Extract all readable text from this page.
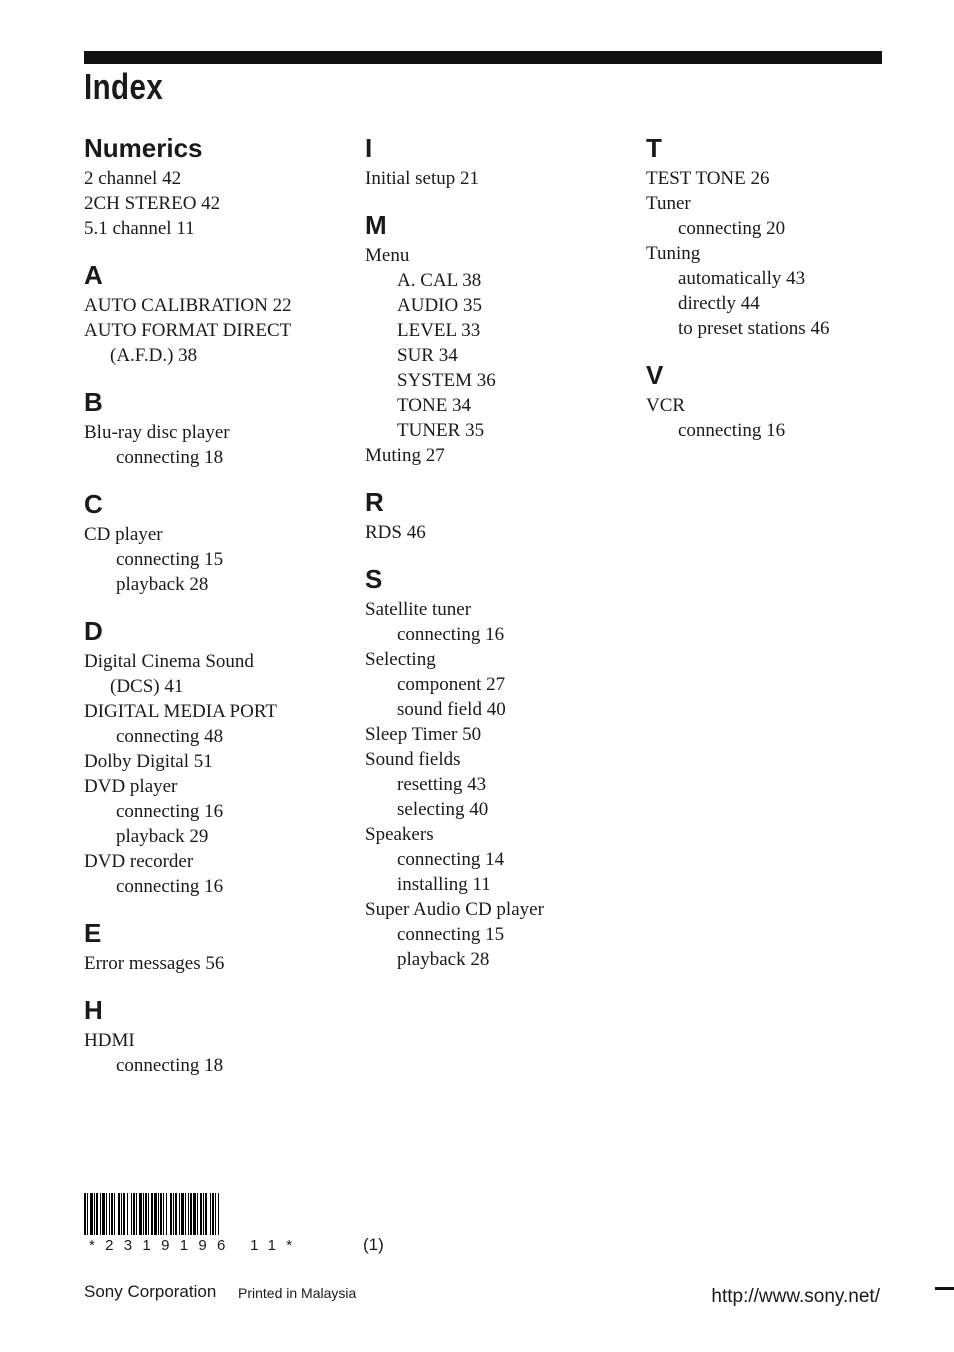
Index
Numerics
2 channel 42
2CH STEREO 42
5.1 channel 11
A
AUTO CALIBRATION 22
AUTO FORMAT DIRECT
(A.F.D.) 38
B
Blu-ray disc player
connecting 18
C
CD player
connecting 15
playback 28
D
Digital Cinema Sound
(DCS) 41
DIGITAL MEDIA PORT
connecting 48
Dolby Digital 51
DVD player
connecting 16
playback 29
DVD recorder
connecting 16
E
Error messages 56
H
HDMI
connecting 18
I
Initial setup 21
M
Menu
A. CAL 38
AUDIO 35
LEVEL 33
SUR 34
SYSTEM 36
TONE 34
TUNER 35
Muting 27
R
RDS 46
S
Satellite tuner
connecting 16
Selecting
component 27
sound field 40
Sleep Timer 50
Sound fields
resetting 43
selecting 40
Speakers
connecting 14
installing 11
Super Audio CD player
connecting 15
playback 28
T
TEST TONE 26
Tuner
connecting 20
Tuning
automatically 43
directly 44
to preset stations 46
V
VCR
connecting 16
*2319196 11*	(1)
Sony Corporation Printed in Malaysia	http://www.sony.net/
